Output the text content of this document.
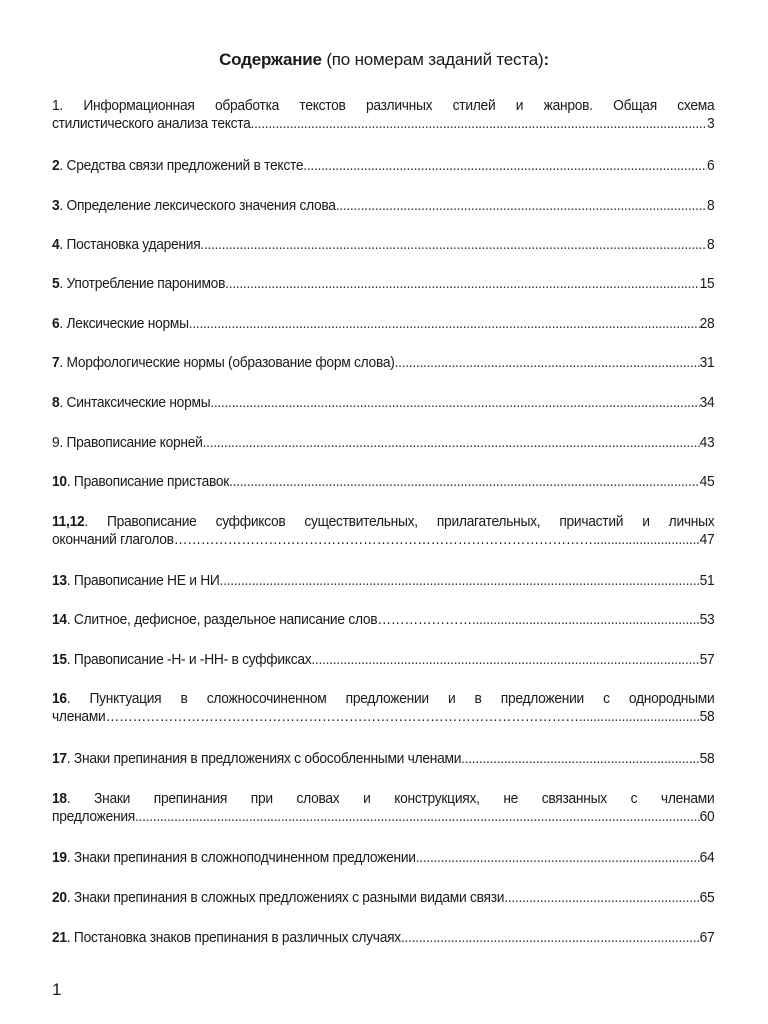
Содержание (по номерам заданий теста):
1. Информационная обработка текстов различных стилей и жанров. Общая схема
стилистического анализа текста .....	3
2. Средства связи предложений в тексте .....	6
3. Определение лексического значения слова .....	8
4. Постановка ударения .....	8
5. Употребление паронимов .....	15
6. Лексические нормы .....	28
7. Морфологические нормы (образование форм слова) .....	31
8. Синтаксические нормы .....	34
9. Правописание корней .....	43
10. Правописание приставок .....	45
11,12. Правописание суффиксов существительных, прилагательных, причастий и личных
окончаний глаголов………………………………………………………………………………… .....	47
13. Правописание НЕ и НИ .....	51
14. Слитное, дефисное, раздельное написание слов………………… .....	53
15. Правописание -Н- и -НН- в суффиксах .....	57
16. Пунктуация в сложносочиненном предложении и в предложении с однородными
членами…………………………………………………………………………………………… .....	58
17. Знаки препинания в предложениях с обособленными членами .....	58
18. Знаки препинания при словах и конструкциях, не связанных с членами
предложения .....	60
19. Знаки препинания в сложноподчиненном предложении .....	64
20. Знаки препинания в сложных предложениях с разными видами связи .....	65
21. Постановка знаков препинания в различных случаях .....	67
1
